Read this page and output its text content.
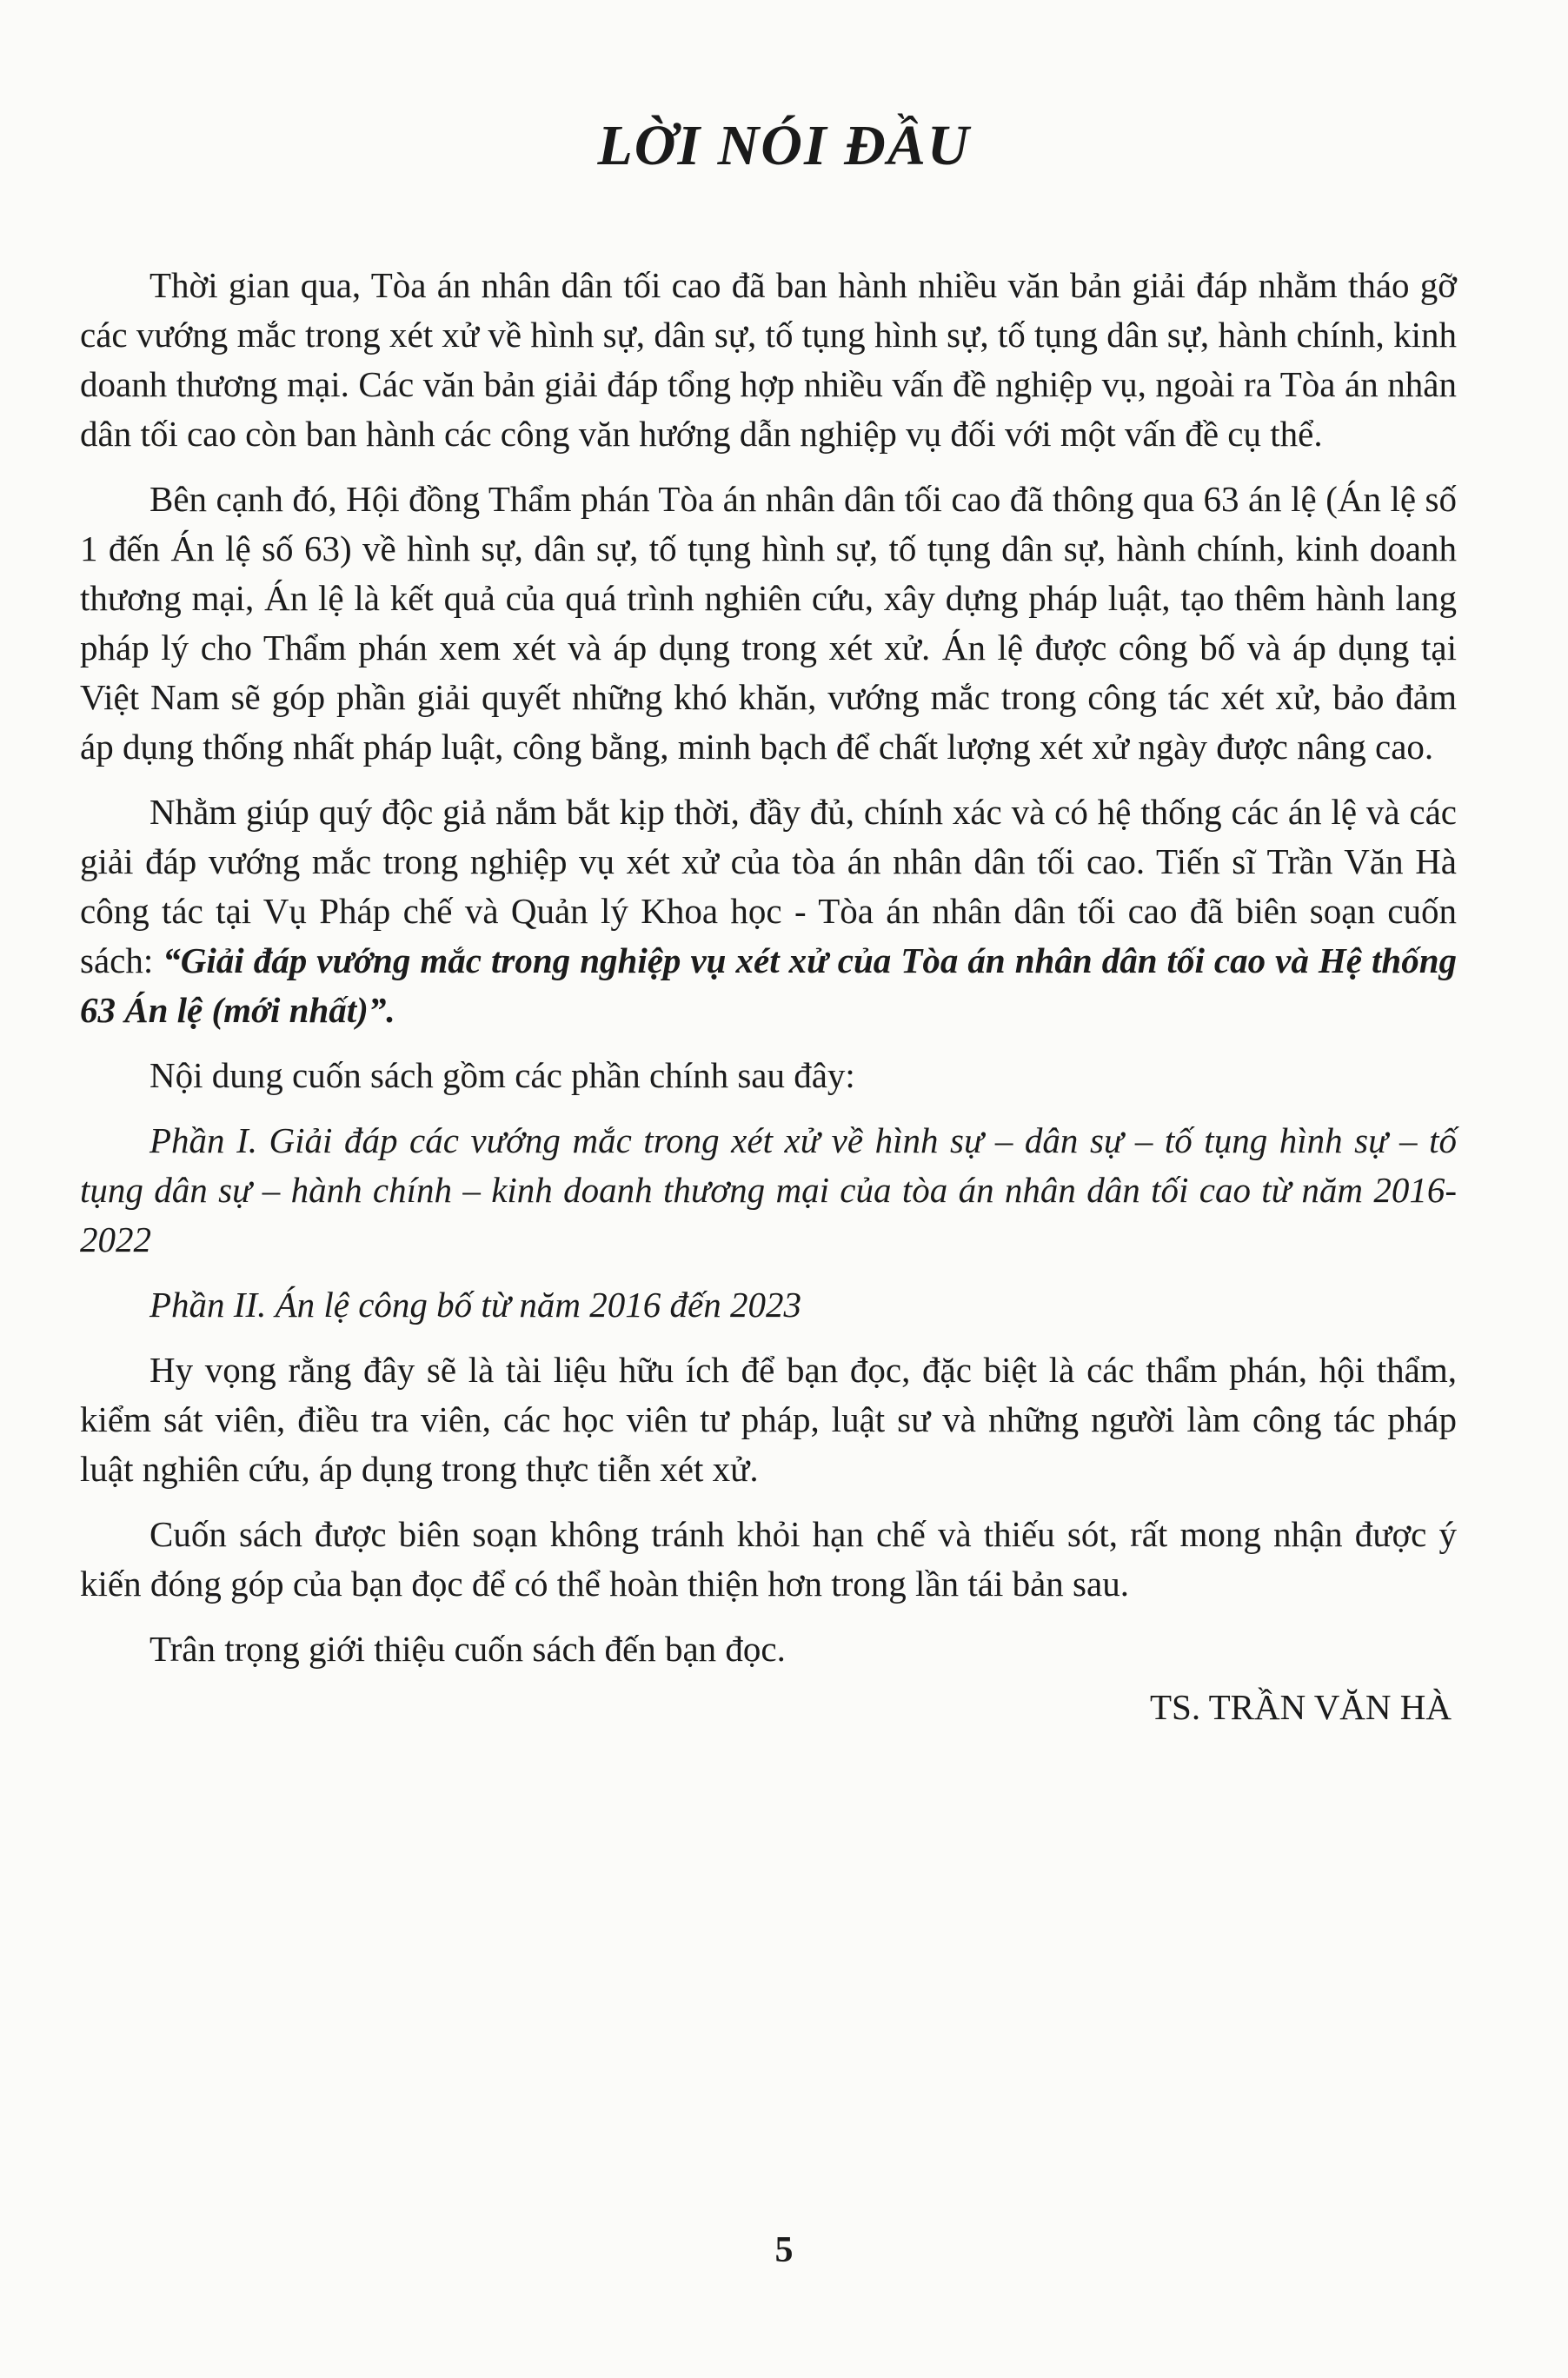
LỜI NÓI ĐẦU

Thời gian qua, Tòa án nhân dân tối cao đã ban hành nhiều văn bản giải đáp nhằm tháo gỡ các vướng mắc trong xét xử về hình sự, dân sự, tố tụng hình sự, tố tụng dân sự, hành chính, kinh doanh thương mại. Các văn bản giải đáp tổng hợp nhiều vấn đề nghiệp vụ, ngoài ra Tòa án nhân dân tối cao còn ban hành các công văn hướng dẫn nghiệp vụ đối với một vấn đề cụ thể.

Bên cạnh đó, Hội đồng Thẩm phán Tòa án nhân dân tối cao đã thông qua 63 án lệ (Án lệ số 1 đến Án lệ số 63) về hình sự, dân sự, tố tụng hình sự, tố tụng dân sự, hành chính, kinh doanh thương mại, Án lệ là kết quả của quá trình nghiên cứu, xây dựng pháp luật, tạo thêm hành lang pháp lý cho Thẩm phán xem xét và áp dụng trong xét xử. Án lệ được công bố và áp dụng tại Việt Nam sẽ góp phần giải quyết những khó khăn, vướng mắc trong công tác xét xử, bảo đảm áp dụng thống nhất pháp luật, công bằng, minh bạch để chất lượng xét xử ngày được nâng cao.

Nhằm giúp quý độc giả nắm bắt kịp thời, đầy đủ, chính xác và có hệ thống các án lệ và các giải đáp vướng mắc trong nghiệp vụ xét xử của tòa án nhân dân tối cao. Tiến sĩ Trần Văn Hà công tác tại Vụ Pháp chế và Quản lý Khoa học - Tòa án nhân dân tối cao đã biên soạn cuốn sách: “Giải đáp vướng mắc trong nghiệp vụ xét xử của Tòa án nhân dân tối cao và Hệ thống 63 Án lệ (mới nhất)”.

Nội dung cuốn sách gồm các phần chính sau đây:

Phần I. Giải đáp các vướng mắc trong xét xử về hình sự – dân sự – tố tụng hình sự – tố tụng dân sự – hành chính – kinh doanh thương mại của tòa án nhân dân tối cao từ năm 2016-2022

Phần II. Án lệ công bố từ năm 2016 đến 2023

Hy vọng rằng đây sẽ là tài liệu hữu ích để bạn đọc, đặc biệt là các thẩm phán, hội thẩm, kiểm sát viên, điều tra viên, các học viên tư pháp, luật sư và những người làm công tác pháp luật nghiên cứu, áp dụng trong thực tiễn xét xử.

Cuốn sách được biên soạn không tránh khỏi hạn chế và thiếu sót, rất mong nhận được ý kiến đóng góp của bạn đọc để có thể hoàn thiện hơn trong lần tái bản sau.

Trân trọng giới thiệu cuốn sách đến bạn đọc.

TS. TRẦN VĂN HÀ

5
